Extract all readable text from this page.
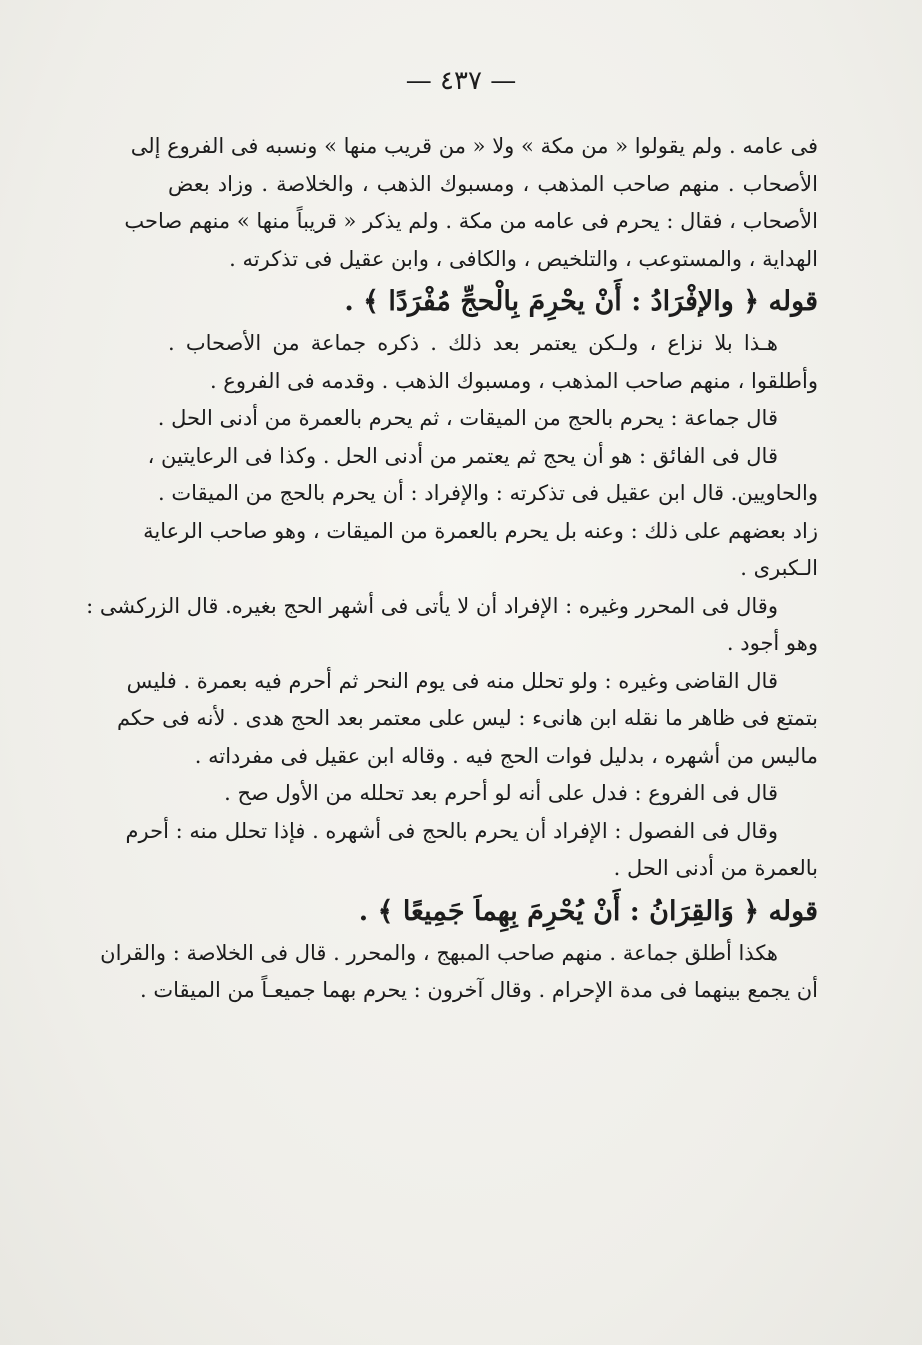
— ٤٣٧ —
فى عامه . ولم يقولوا « من مكة » ولا « من قريب منها » ونسبه فى الفروع إلى
الأصحاب . منهم صاحب المذهب ، ومسبوك الذهب ، والخلاصة . وزاد بعض
الأصحاب ، فقال : يحرم فى عامه من مكة . ولم يذكر « قريباً منها » منهم صاحب
الهداية ، والمستوعب ، والتلخيص ، والكافى ، وابن عقيل فى تذكرته .
قوله ﴿ والإفْرَادُ : أَنْ يحْرِمَ بِالْحجِّ مُفْرَدًا ﴾ .
هـذا بلا نزاع ، ولـكن يعتمر بعد ذلك . ذكره جماعة من الأصحاب .
وأطلقوا ، منهم صاحب المذهب ، ومسبوك الذهب . وقدمه فى الفروع .
قال جماعة : يحرم بالحج من الميقات ، ثم يحرم بالعمرة من أدنى الحل .
قال فى الفائق : هو أن يحج ثم يعتمر من أدنى الحل . وكذا فى الرعايتين ،
والحاويين. قال ابن عقيل فى تذكرته : والإفراد : أن يحرم بالحج من الميقات .
زاد بعضهم على ذلك : وعنه بل يحرم بالعمرة من الميقات ، وهو صاحب الرعاية
الـكبرى .
وقال فى المحرر وغيره : الإفراد أن لا يأتى فى أشهر الحج بغيره. قال الزركشى :
وهو أجود .
قال القاضى وغيره : ولو تحلل منه فى يوم النحر ثم أحرم فيه بعمرة . فليس
بتمتع فى ظاهر ما نقله ابن هانىء : ليس على معتمر بعد الحج هدى . لأنه فى حكم
ماليس من أشهره ، بدليل فوات الحج فيه . وقاله ابن عقيل فى مفرداته .
قال فى الفروع : فدل على أنه لو أحرم بعد تحلله من الأول صح .
وقال فى الفصول : الإفراد أن يحرم بالحج فى أشهره . فإذا تحلل منه : أحرم
بالعمرة من أدنى الحل .
قوله ﴿ وَالقِرَانُ : أَنْ يُحْرِمَ بِهِماَ جَمِيعًا ﴾ .
هكذا أطلق جماعة . منهم صاحب المبهج ، والمحرر . قال فى الخلاصة : والقران
أن يجمع بينهما فى مدة الإحرام . وقال آخرون : يحرم بهما جميعـاً من الميقات .
